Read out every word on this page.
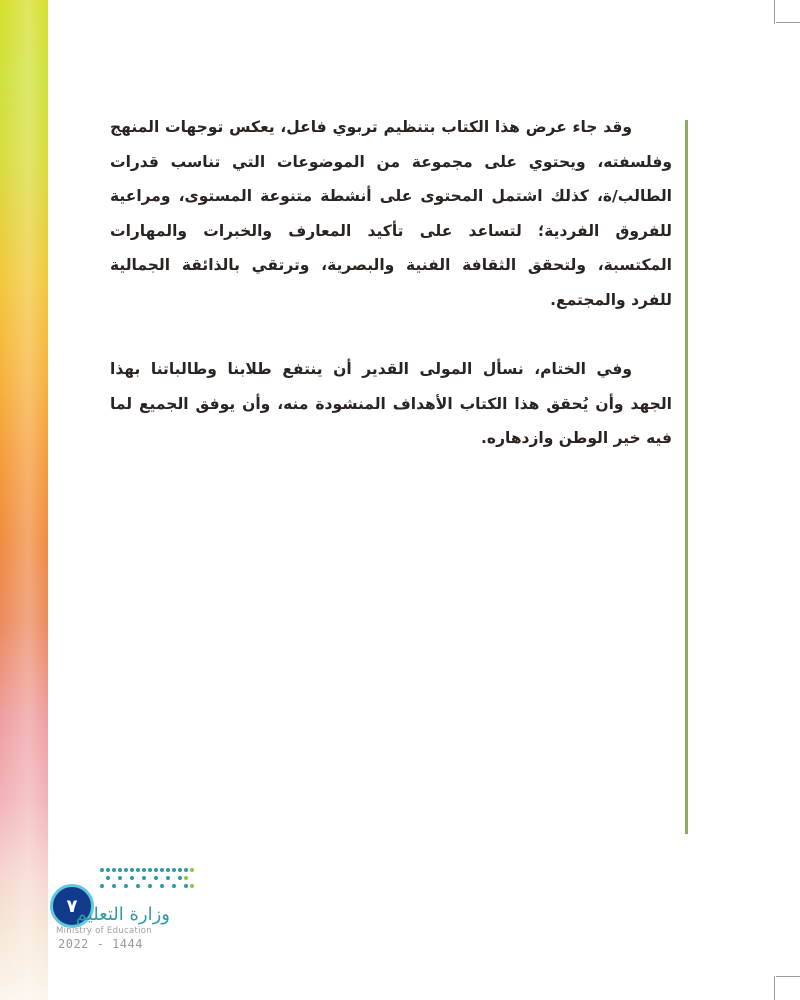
وقد جاء عرض هذا الكتاب بتنظيم تربوي فاعل، يعكس توجهات المنهج وفلسفته، ويحتوي على مجموعة من الموضوعات التي تناسب قدرات الطالب/ة، كذلك اشتمل المحتوى على أنشطة متنوعة المستوى، ومراعية للفروق الفردية؛ لتساعد على تأكيد المعارف والخبرات والمهارات المكتسبة، ولتحقق الثقافة الفنية والبصرية، وترتقي بالذائقة الجمالية للفرد والمجتمع.

وفي الختام، نسأل المولى القدير أن ينتفع طلابنا وطالباتنا بهذا الجهد وأن يُحقق هذا الكتاب الأهداف المنشودة منه، وأن يوفق الجميع لما فيه خير الوطن وازدهاره.

٧
وزارة التعليم
Ministry of Education
2022 - 1444
